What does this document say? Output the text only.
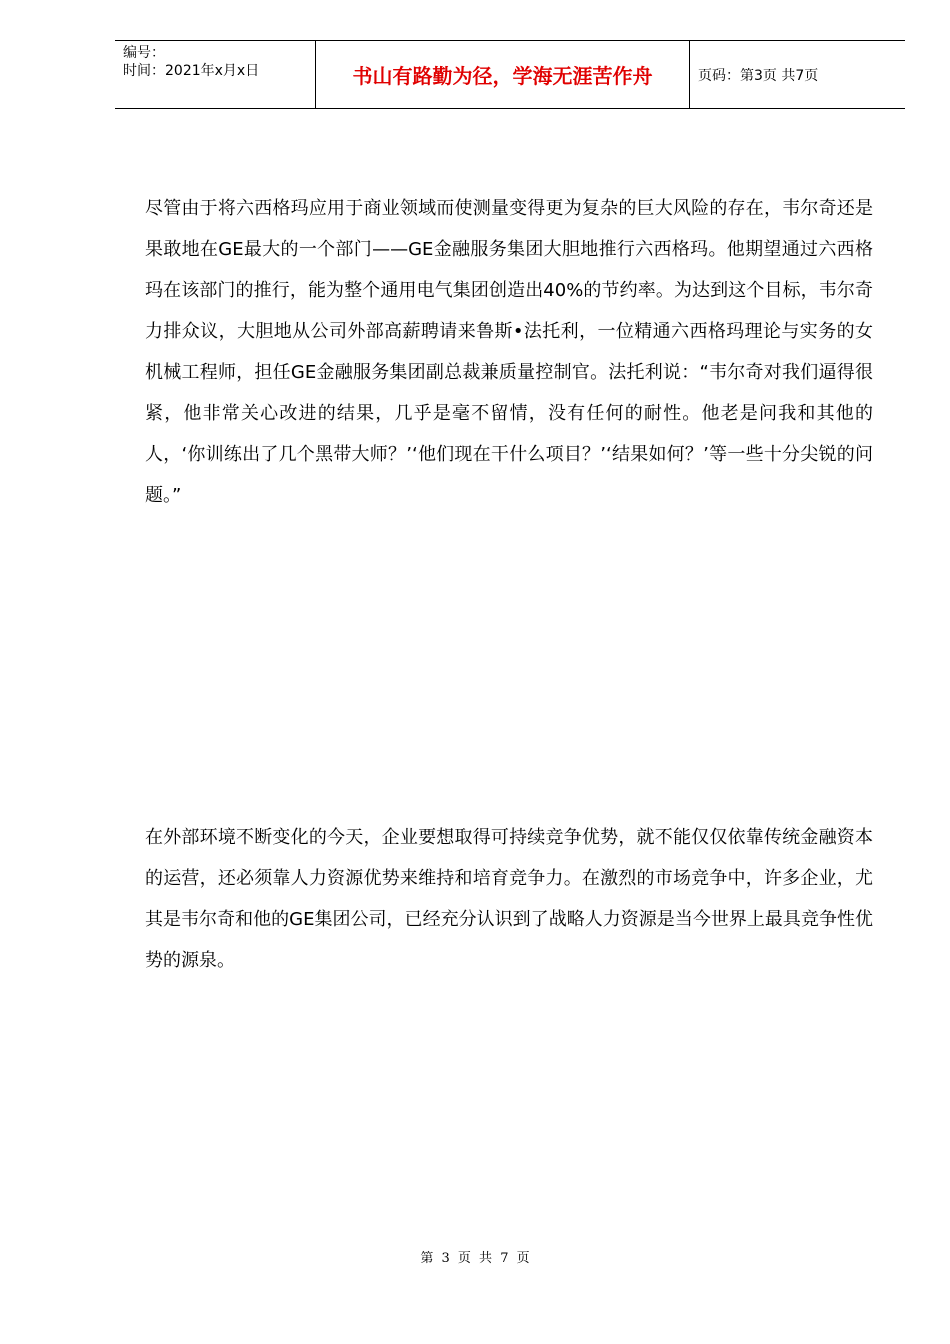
编号：
时间：2021年x月x日	书山有路勤为径，学海无涯苦作舟	页码：第3页 共7页
尽管由于将六西格玛应用于商业领域而使测量变得更为复杂的巨大风险的存在，韦尔奇还是果敢地在GE最大的一个部门——GE金融服务集团大胆地推行六西格玛。他期望通过六西格玛在该部门的推行，能为整个通用电气集团创造出40%的节约率。为达到这个目标，韦尔奇力排众议，大胆地从公司外部高薪聘请来鲁斯•法托利，一位精通六西格玛理论与实务的女机械工程师，担任GE金融服务集团副总裁兼质量控制官。法托利说：“韦尔奇对我们逼得很紧，他非常关心改进的结果，几乎是毫不留情，没有任何的耐性。他老是问我和其他的人，‘你训练出了几个黑带大师？’‘他们现在干什么项目？’‘结果如何？’等一些十分尖锐的问题。”
在外部环境不断变化的今天，企业要想取得可持续竞争优势，就不能仅仅依靠传统金融资本的运营，还必须靠人力资源优势来维持和培育竞争力。在激烈的市场竞争中，许多企业，尤其是韦尔奇和他的GE集团公司，已经充分认识到了战略人力资源是当今世界上最具竞争性优势的源泉。
第 3 页 共 7 页
